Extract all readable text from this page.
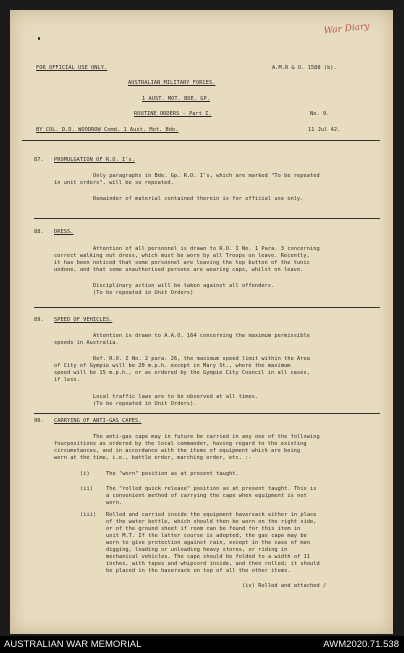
War Diary
FOR OFFICIAL USE ONLY.	A.M.R & O. 1588 (b).
AUSTRALIAN MILITARY FORCES.
1 AUST. MOT. BDE. GP.
ROUTINE ORDERS - Part I.	No. 9.
BY COL. D.D. WOODROW Comd. 1 Aust. Mot. Bde.	11 Jul 42.
87. PROMULGATION OF R.O. I's.
Only paragraphs in Bde. Gp. R.O. I's, which are marked "To be repeated
in unit orders", will be so repeated.
Remainder of material contained therein is for official use only.
88. DRESS.
Attention of all personnel is drawn to R.O. I No. 1 Para. 3 concerning
correct walking out dress, which must be worn by all Troops on leave. Recently,
it has been noticed that some personnel are leaving the top button of the tunic
undone, and that some unauthorised persons are wearing caps, whilst on leave.
Disciplinary action will be taken against all offenders.
(To be repeated in Unit Orders)
89. SPEED OF VEHICLES.
Attention is drawn to A.A.O. 164 concerning the maximum permissible
speeds in Australia.
Ref. R.O. I No. 2 para. 26, the maximum speed limit within the Area
of City of Gympie will be 20 m.p.h. except in Mary St., where the maximum
speed will be 15 m.p.h., or as ordered by the Gympie City Council in all cases,
if less.
Local traffic laws are to be observed at all times.
(To be repeated in Unit Orders).
90. CARRYING OF ANTI-GAS CAPES.
The anti-gas cape may in future be carried in any one of the following
fourpositions as ordered by the local commander, having regard to the existing
circumstances, and in accordance with the items of equipment which are being
worn at the time, i.e., battle order, marching order, etc. :-
(i)	The "worn" position as at present taught.
(ii) The "rolled quick release" position as at present taught. This is
a convenient method of carrying the cape when equipment is not
worn.
(iii) Rolled and carried inside the equipment haversack either in place
of the water bottle, which should then be worn on the right side,
or of the ground sheet if room can be found for this item in
unit M.T. If the latter course is adopted, the gas cape may be
worn to give protection against rain, except in the case of men
digging, loading or unloading heavy stores, or riding in
mechanical vehicles. The cape should be folded to a width of 11
inches, with tapes and whipcord inside, and then rolled; it should
be placed in the haversack on top of all the other items.
(iv) Rolled and attached /
AUSTRALIAN WAR MEMORIAL	AWM2020.71.538
